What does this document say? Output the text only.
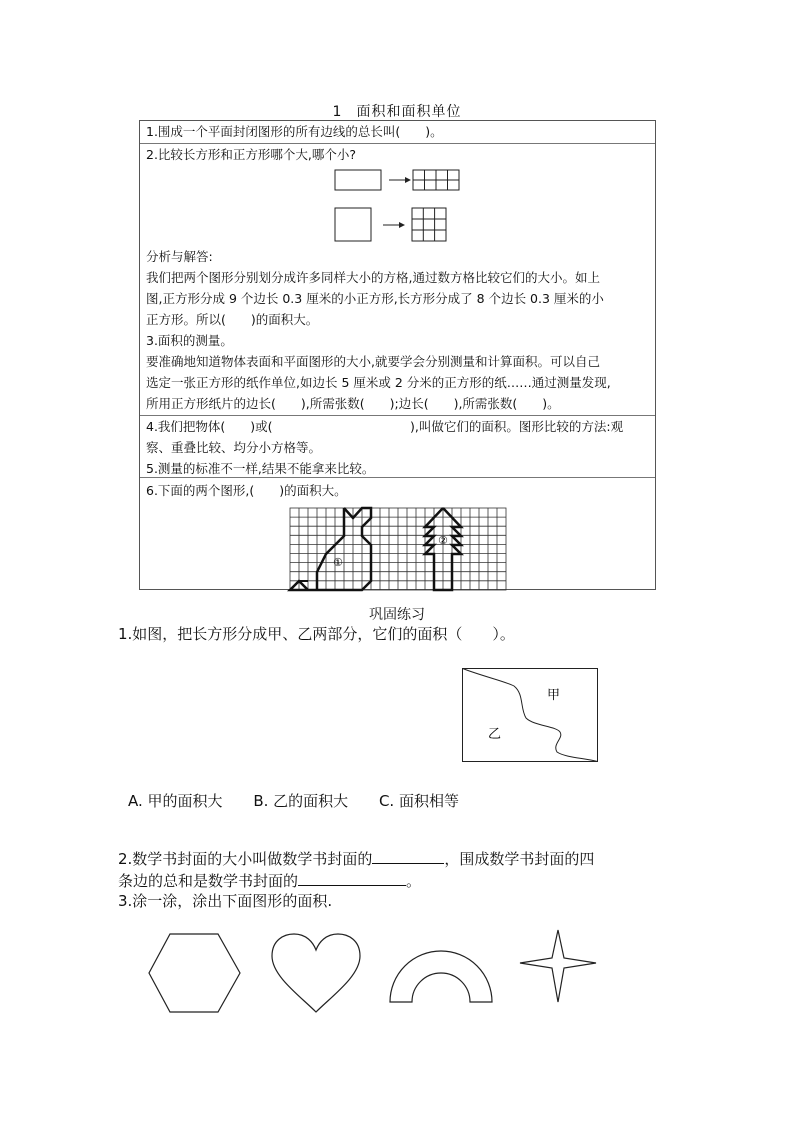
1 面积和面积单位
1.围成一个平面封闭图形的所有边线的总长叫(　　)。
2.比较长方形和正方形哪个大,哪个小?
分析与解答:
我们把两个图形分别划分成许多同样大小的方格,通过数方格比较它们的大小。如上
图,正方形分成 9 个边长 0.3 厘米的小正方形,长方形分成了 8 个边长 0.3 厘米的小
正方形。所以(　　)的面积大。
3.面积的测量。
要准确地知道物体表面和平面图形的大小,就要学会分别测量和计算面积。可以自己
选定一张正方形的纸作单位,如边长 5 厘米或 2 分米的正方形的纸……通过测量发现,
所用正方形纸片的边长(　　),所需张数(　　);边长(　　),所需张数(　　)。
4.我们把物体(　　)或(　　　　　　　　　　　),叫做它们的面积。图形比较的方法:观
察、重叠比较、均分小方格等。
5.测量的标准不一样,结果不能拿来比较。
6.下面的两个图形,(　　)的面积大。
①
②
巩固练习
1.如图，把长方形分成甲、乙两部分，它们的面积（　　）。
甲
乙
A. 甲的面积大 B. 乙的面积大 C. 面积相等
2.数学书封面的大小叫做数学书封面的	，围成数学书封面的四
条边的总和是数学书封面的	。
3.涂一涂，涂出下面图形的面积.
